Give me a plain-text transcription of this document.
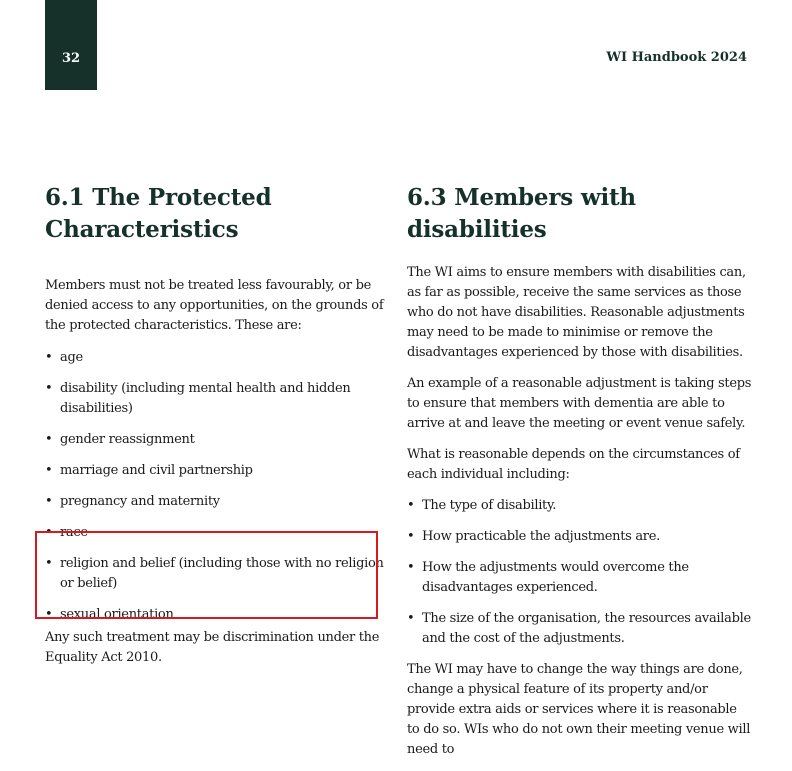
32	WI Handbook 2024
6.1 The Protected
Characteristics

Members must not be treated less favourably, or be denied access to any opportunities, on the grounds of the protected characteristics. These are:

• age
• disability (including mental health and hidden disabilities)
• gender reassignment
• marriage and civil partnership
• pregnancy and maternity
• race
• religion and belief (including those with no religion or belief)
• sexual orientation

Any such treatment may be discrimination under the Equality Act 2010.

6.3 Members with disabilities

The WI aims to ensure members with disabilities can, as far as possible, receive the same services as those who do not have disabilities. Reasonable adjustments may need to be made to minimise or remove the disadvantages experienced by those with disabilities.

An example of a reasonable adjustment is taking steps to ensure that members with dementia are able to arrive at and leave the meeting or event venue safely.

What is reasonable depends on the circumstances of each individual including:

• The type of disability.
• How practicable the adjustments are.
• How the adjustments would overcome the disadvantages experienced.
• The size of the organisation, the resources available and the cost of the adjustments.

The WI may have to change the way things are done, change a physical feature of its property and/or provide extra aids or services where it is reasonable to do so. WIs who do not own their meeting venue will need to
